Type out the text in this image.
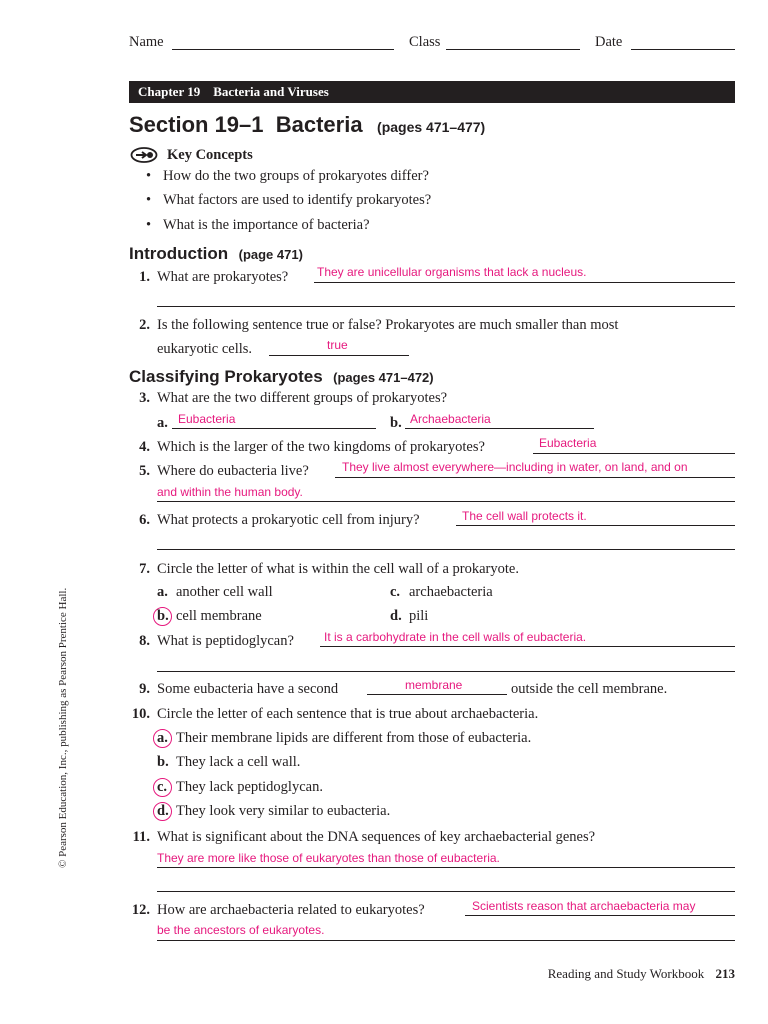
Name	Class	Date
Chapter 19    Bacteria and Viruses
Section 19–1  Bacteria (pages 471–477)
Key Concepts
• How do the two groups of prokaryotes differ?
• What factors are used to identify prokaryotes?
• What is the importance of bacteria?
Introduction (page 471)
1. What are prokaryotes? They are unicellular organisms that lack a nucleus.
2. Is the following sentence true or false? Prokaryotes are much smaller than most
eukaryotic cells.	true
Classifying Prokaryotes (pages 471–472)
3. What are the two different groups of prokaryotes?
a. Eubacteria	b. Archaebacteria
4. Which is the larger of the two kingdoms of prokaryotes?	Eubacteria
5. Where do eubacteria live?	They live almost everywhere—including in water, on land, and on
and within the human body.
6. What protects a prokaryotic cell from injury?	The cell wall protects it.
7. Circle the letter of what is within the cell wall of a prokaryote.
a. another cell wall
b. cell membrane
c. archaebacteria
d. pili
8. What is peptidoglycan?	It is a carbohydrate in the cell walls of eubacteria.
9. Some eubacteria have a second	membrane	outside the cell membrane.
10. Circle the letter of each sentence that is true about archaebacteria.
a. Their membrane lipids are different from those of eubacteria.
b. They lack a cell wall.
c. They lack peptidoglycan.
d. They look very similar to eubacteria.
11. What is significant about the DNA sequences of key archaebacterial genes?
They are more like those of eukaryotes than those of eubacteria.
12. How are archaebacteria related to eukaryotes?	Scientists reason that archaebacteria may
be the ancestors of eukaryotes.
© Pearson Education, Inc., publishing as Pearson Prentice Hall.
Reading and Study Workbook 213
